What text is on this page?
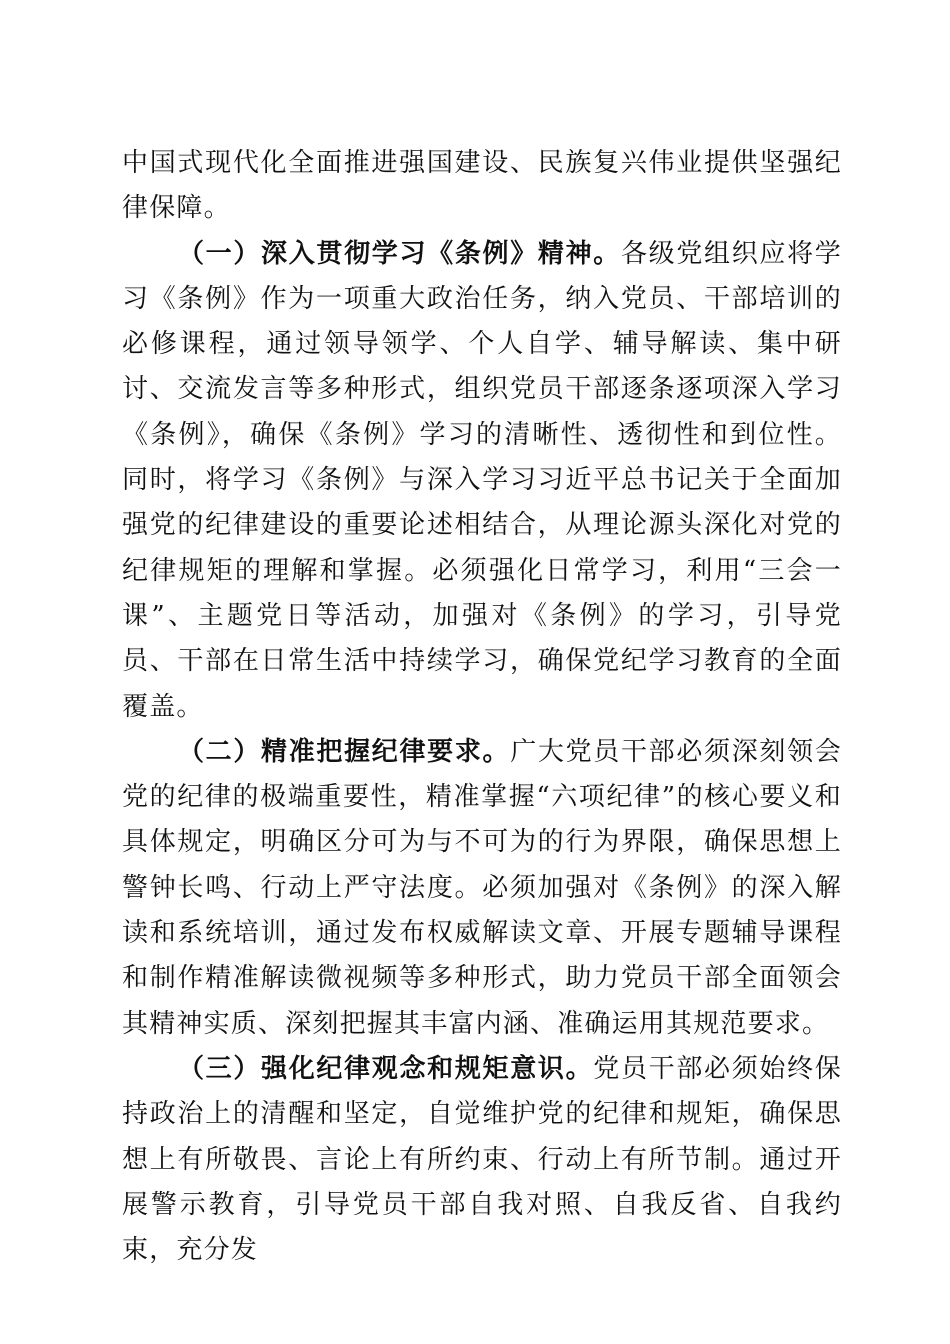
中国式现代化全面推进强国建设、民族复兴伟业提供坚强纪律保障。

（一）深入贯彻学习《条例》精神。各级党组织应将学习《条例》作为一项重大政治任务，纳入党员、干部培训的必修课程，通过领导领学、个人自学、辅导解读、集中研讨、交流发言等多种形式，组织党员干部逐条逐项深入学习《条例》，确保《条例》学习的清晰性、透彻性和到位性。同时，将学习《条例》与深入学习习近平总书记关于全面加强党的纪律建设的重要论述相结合，从理论源头深化对党的纪律规矩的理解和掌握。必须强化日常学习，利用“三会一课”、主题党日等活动，加强对《条例》的学习，引导党员、干部在日常生活中持续学习，确保党纪学习教育的全面覆盖。

（二）精准把握纪律要求。广大党员干部必须深刻领会党的纪律的极端重要性，精准掌握“六项纪律”的核心要义和具体规定，明确区分可为与不可为的行为界限，确保思想上警钟长鸣、行动上严守法度。必须加强对《条例》的深入解读和系统培训，通过发布权威解读文章、开展专题辅导课程和制作精准解读微视频等多种形式，助力党员干部全面领会其精神实质、深刻把握其丰富内涵、准确运用其规范要求。

（三）强化纪律观念和规矩意识。党员干部必须始终保持政治上的清醒和坚定，自觉维护党的纪律和规矩，确保思想上有所敬畏、言论上有所约束、行动上有所节制。通过开展警示教育，引导党员干部自我对照、自我反省、自我约束，充分发
